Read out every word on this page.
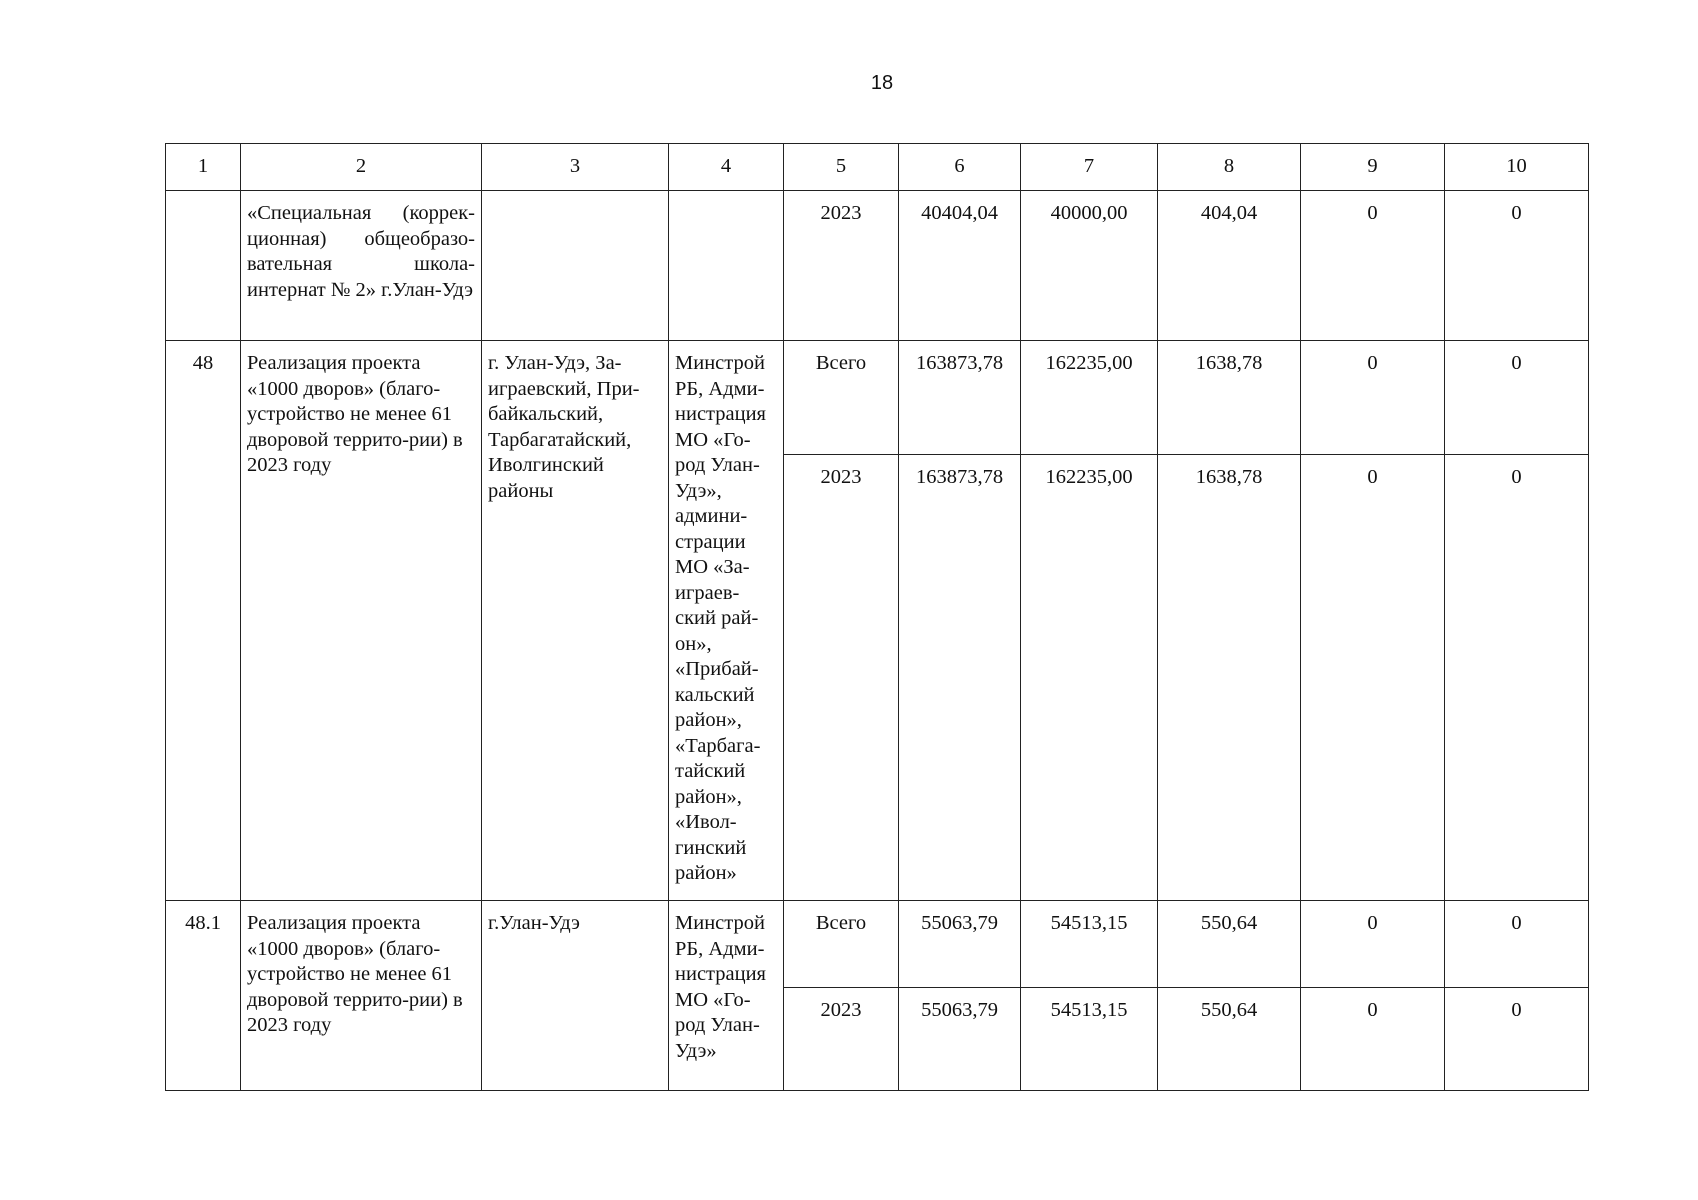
18
1	2	3	4	5	6	7	8	9	10
	«Специальная (коррек-ционная) общеобразо-вательная школа-интернат № 2» г.Улан-Удэ			2023	40404,04	40000,00	404,04	0	0
48	Реализация проекта «1000 дворов» (благо-устройство не менее 61 дворовой террито-рии) в 2023 году	г. Улан-Удэ, За-играевский, При-байкальский, Тарбагатайский, Иволгинский районы	Минстрой РБ, Адми-нистрация МО «Го-род Улан-Удэ», админи-страции МО «За-играев-ский рай-он», «Прибай-кальский район», «Тарбага-тайский район», «Ивол-гинский район»	Всего	163873,78	162235,00	1638,78	0	0
				2023	163873,78	162235,00	1638,78	0	0
48.1	Реализация проекта «1000 дворов» (благо-устройство не менее 61 дворовой террито-рии) в 2023 году	г.Улан-Удэ	Минстрой РБ, Адми-нистрация МО «Го-род Улан-Удэ»	Всего	55063,79	54513,15	550,64	0	0
				2023	55063,79	54513,15	550,64	0	0
